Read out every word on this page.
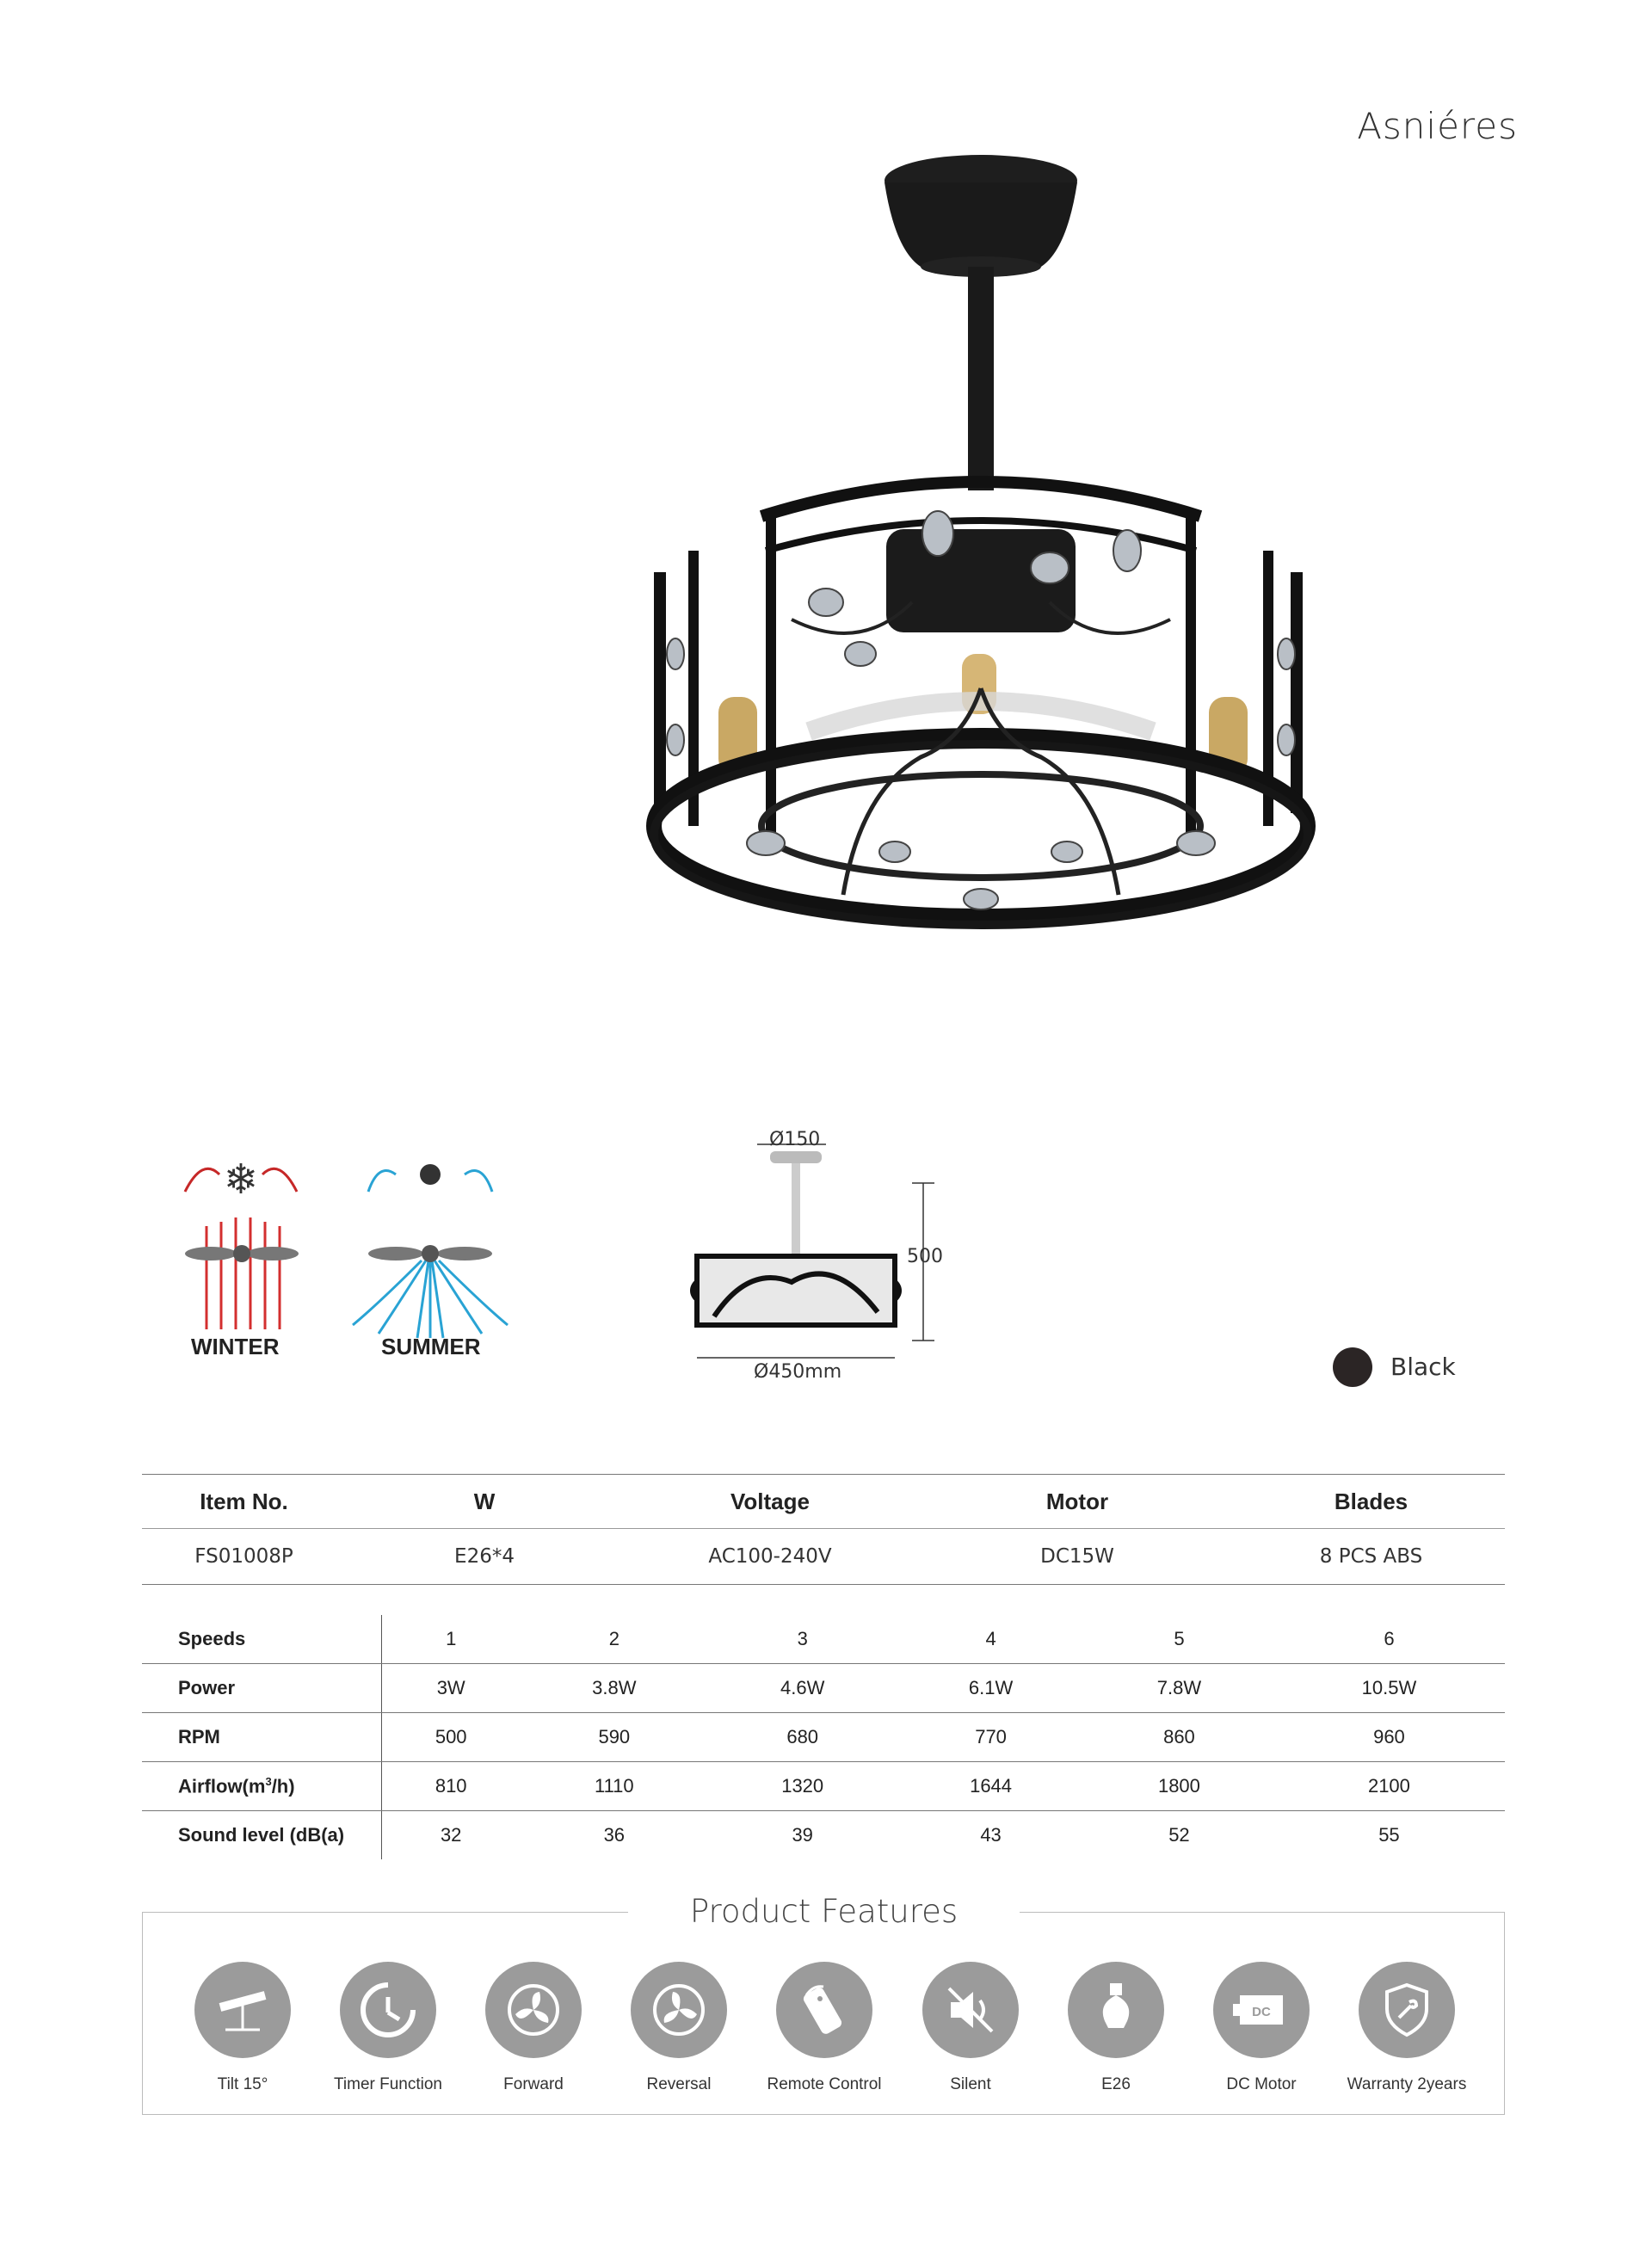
Asniéres
❄
WINTER	SUMMER
Ø150
500
Ø450mm	Black
Item No.	W	Voltage	Motor	Blades
FS01008P	E26*4	AC100-240V	DC15W	8 PCS ABS
Speeds	1	2	3	4	5	6
Power	3W	3.8W	4.6W	6.1W	7.8W	10.5W
RPM	500	590	680	770	860	960
$Airflow(m^3/h)$	810	1110	1320	1644	1800	2100
Sound level (dB(a)	32	36	39	43	52	55
Product Features
Tilt 15°	Timer Function	Forward	Reversal	Remote Control	Silent	E26
DC
DC Motor	Warranty 2years
